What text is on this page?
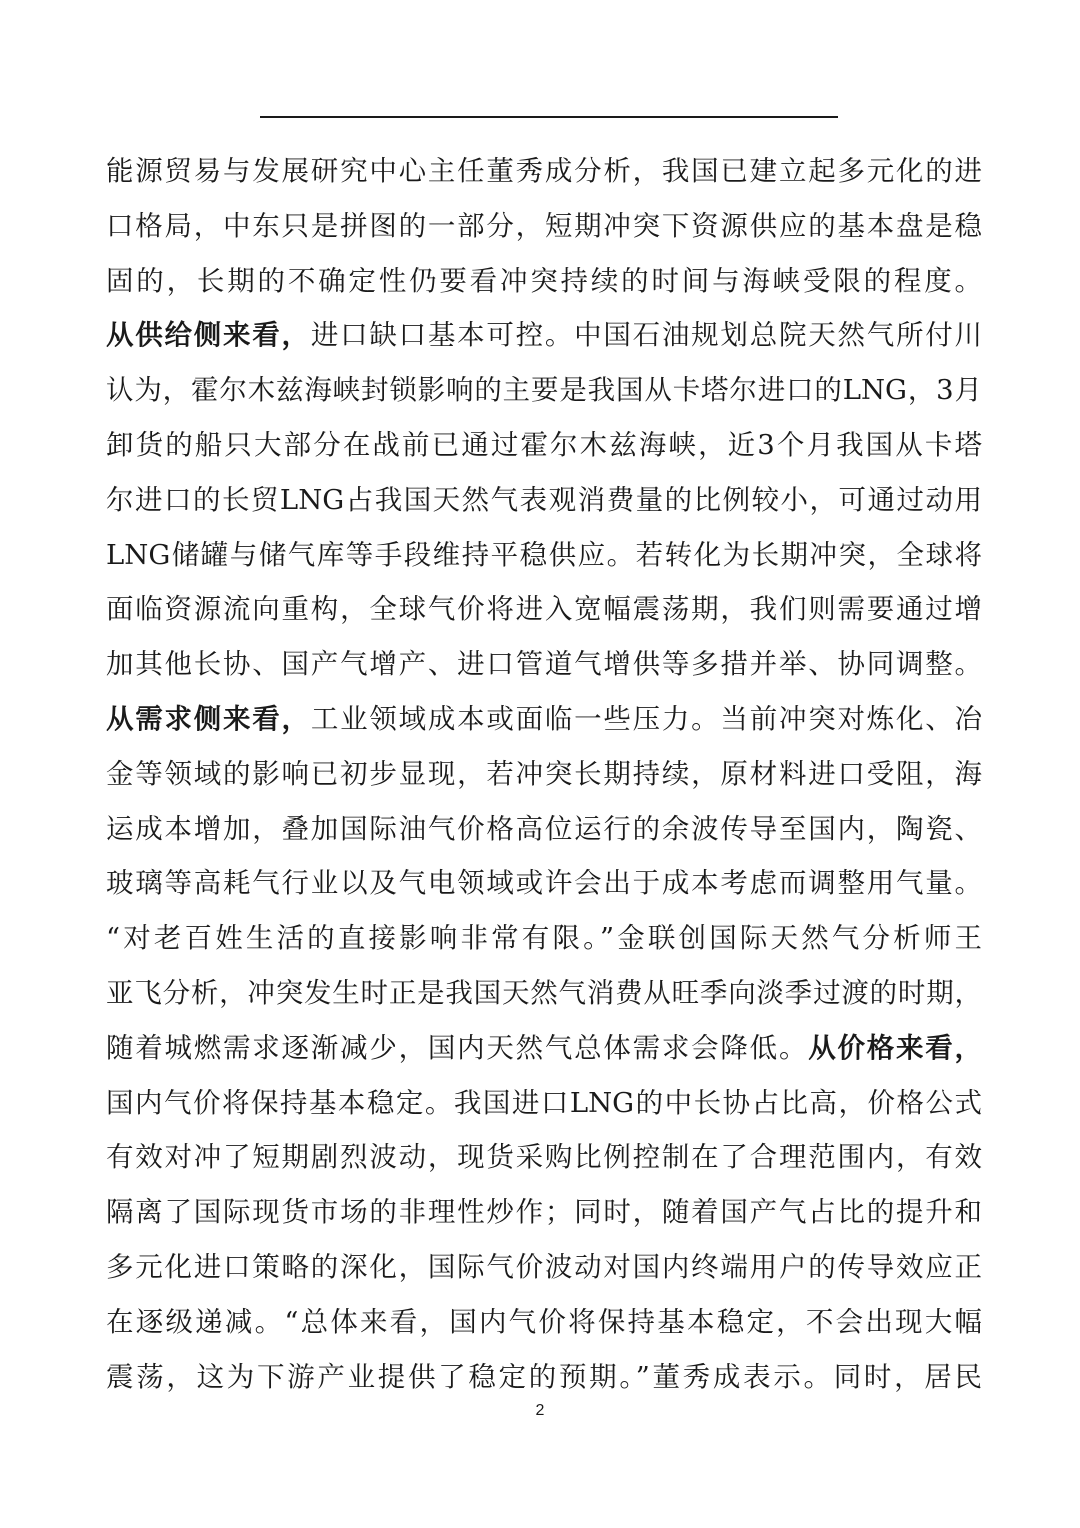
能源贸易与发展研究中心主任董秀成分析，我国已建立起多元化的进
口格局，中东只是拼图的一部分，短期冲突下资源供应的基本盘是稳
固的，长期的不确定性仍要看冲突持续的时间与海峡受限的程度。
从供给侧来看，进口缺口基本可控。中国石油规划总院天然气所付川
认为，霍尔木兹海峡封锁影响的主要是我国从卡塔尔进口的LNG，3月
卸货的船只大部分在战前已通过霍尔木兹海峡，近3个月我国从卡塔
尔进口的长贸LNG占我国天然气表观消费量的比例较小，可通过动用
LNG储罐与储气库等手段维持平稳供应。若转化为长期冲突，全球将
面临资源流向重构，全球气价将进入宽幅震荡期，我们则需要通过增
加其他长协、国产气增产、进口管道气增供等多措并举、协同调整。
从需求侧来看，工业领域成本或面临一些压力。当前冲突对炼化、冶
金等领域的影响已初步显现，若冲突长期持续，原材料进口受阻，海
运成本增加，叠加国际油气价格高位运行的余波传导至国内，陶瓷、
玻璃等高耗气行业以及气电领域或许会出于成本考虑而调整用气量。
“对老百姓生活的直接影响非常有限。”金联创国际天然气分析师王
亚飞分析，冲突发生时正是我国天然气消费从旺季向淡季过渡的时期，
随着城燃需求逐渐减少，国内天然气总体需求会降低。从价格来看，
国内气价将保持基本稳定。我国进口LNG的中长协占比高，价格公式
有效对冲了短期剧烈波动，现货采购比例控制在了合理范围内，有效
隔离了国际现货市场的非理性炒作；同时，随着国产气占比的提升和
多元化进口策略的深化，国际气价波动对国内终端用户的传导效应正
在逐级递减。“总体来看，国内气价将保持基本稳定，不会出现大幅
震荡，这为下游产业提供了稳定的预期。”董秀成表示。同时，居民
2
